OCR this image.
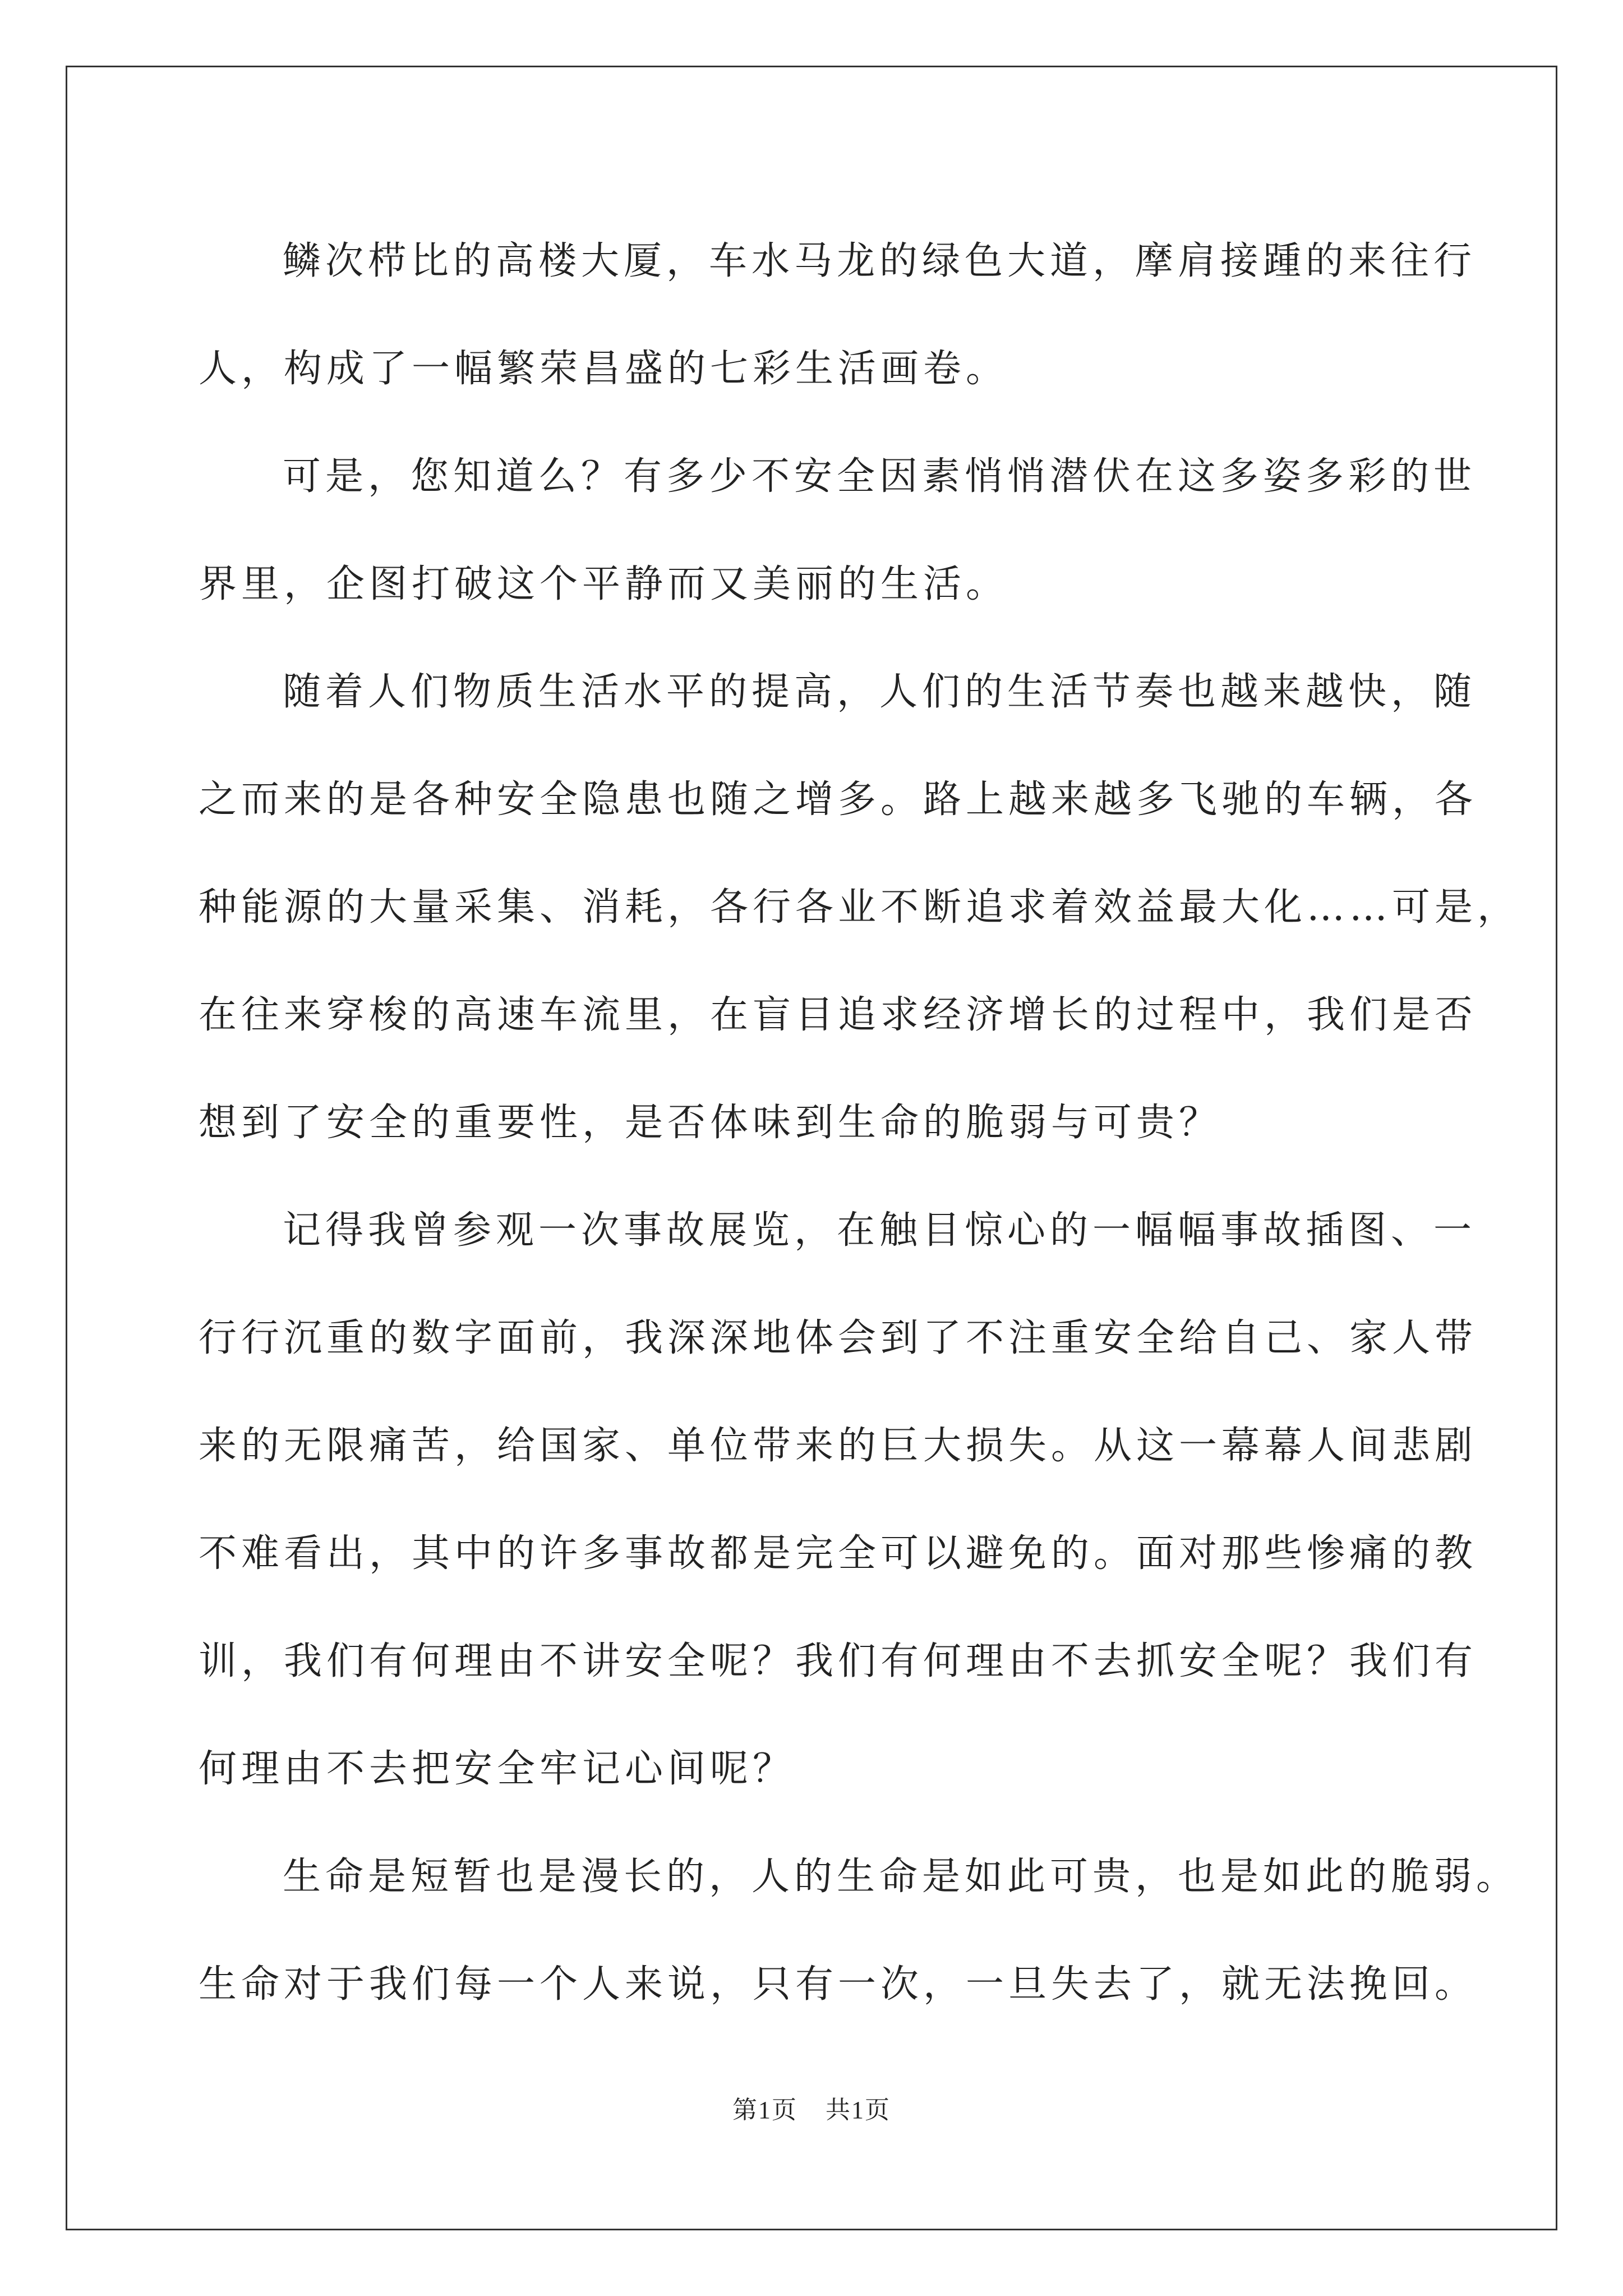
鳞次栉比的高楼大厦，车水马龙的绿色大道，摩肩接踵的来往行
人，构成了一幅繁荣昌盛的七彩生活画卷。
可是，您知道么？有多少不安全因素悄悄潜伏在这多姿多彩的世
界里，企图打破这个平静而又美丽的生活。
随着人们物质生活水平的提高，人们的生活节奏也越来越快，随
之而来的是各种安全隐患也随之增多。路上越来越多飞驰的车辆，各
种能源的大量采集、消耗，各行各业不断追求着效益最大化……可是，
在往来穿梭的高速车流里，在盲目追求经济增长的过程中，我们是否
想到了安全的重要性，是否体味到生命的脆弱与可贵？
记得我曾参观一次事故展览，在触目惊心的一幅幅事故插图、一
行行沉重的数字面前，我深深地体会到了不注重安全给自己、家人带
来的无限痛苦，给国家、单位带来的巨大损失。从这一幕幕人间悲剧
不难看出，其中的许多事故都是完全可以避免的。面对那些惨痛的教
训，我们有何理由不讲安全呢？我们有何理由不去抓安全呢？我们有
何理由不去把安全牢记心间呢？
生命是短暂也是漫长的，人的生命是如此可贵，也是如此的脆弱。
生命对于我们每一个人来说，只有一次，一旦失去了，就无法挽回。
第1页 共1页
